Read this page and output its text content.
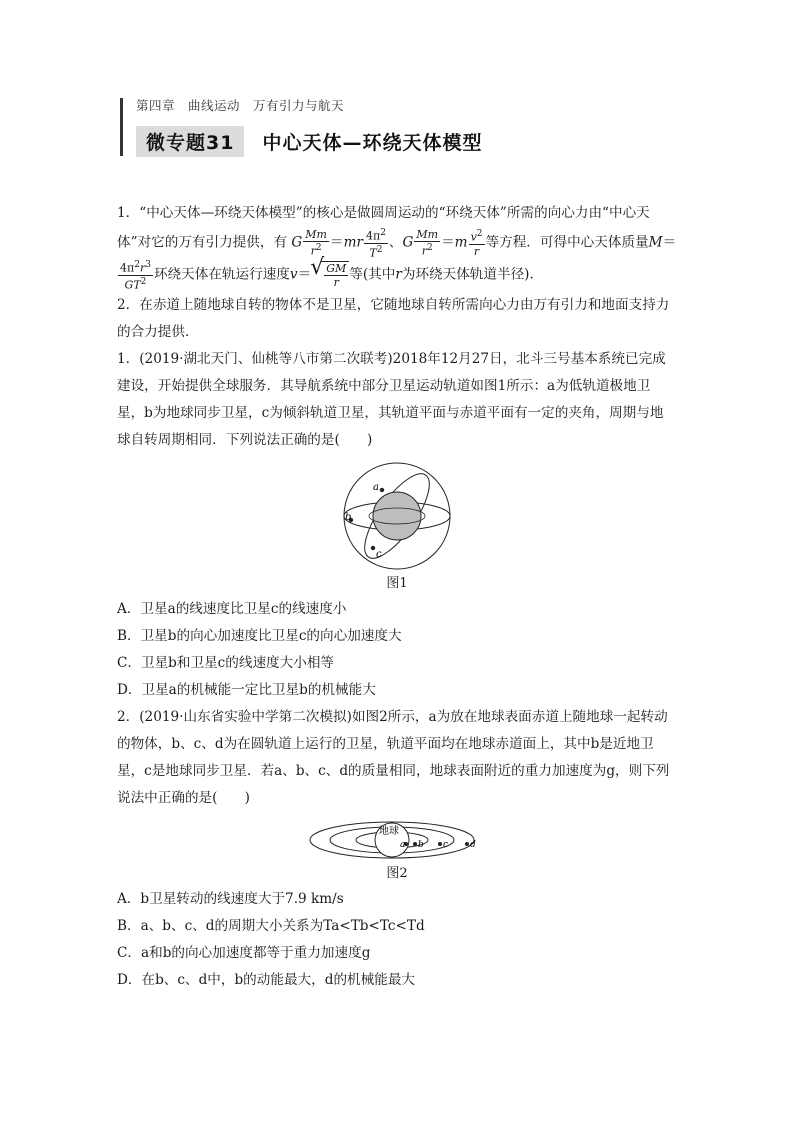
第四章　曲线运动　万有引力与航天
微专题31	中心天体—环绕天体模型

1．“中心天体—环绕天体模型”的核心是做圆周运动的“环绕天体”所需的向心力由“中心天体”对它的万有引力提供，有 G $\frac{Mm}{r^2} =mr \frac{4\pi^2}{T^2}$ 、G $\frac{Mm}{r^2} =m \frac{v^2}{r}$ 等方程．可得中心天体质量M＝
$\frac{4\pi^2r^3}{GT^2}$ 环绕天体在轨运行速度v＝
√ $\frac{GM}{r}$ 等(其中r为环绕天体轨道半径)．

2．在赤道上随地球自转的物体不是卫星，它随地球自转所需向心力由万有引力和地面支持力的合力提供．

1．(2019·湖北天门、仙桃等八市第二次联考)2018年12月27日，北斗三号基本系统已完成建设，开始提供全球服务．其导航系统中部分卫星运动轨道如图1所示：a为低轨道极地卫星，b为地球同步卫星，c为倾斜轨道卫星，其轨道平面与赤道平面有一定的夹角，周期与地球自转周期相同．下列说法正确的是(　　)

a
b
c

图1

A．卫星a的线速度比卫星c的线速度小

B．卫星b的向心加速度比卫星c的向心加速度大

C．卫星b和卫星c的线速度大小相等

D．卫星a的机械能一定比卫星b的机械能大

2．(2019·山东省实验中学第二次模拟)如图2所示，a为放在地球表面赤道上随地球一起转动的物体，b、c、d为在圆轨道上运行的卫星，轨道平面均在地球赤道面上，其中b是近地卫星，c是地球同步卫星．若a、b、c、d的质量相同，地球表面附近的重力加速度为g，则下列说法中正确的是(　　)

地球
a b c d

图2

A．b卫星转动的线速度大于7.9 km/s

B．a、b、c、d的周期大小关系为Ta<Tb<Tc<Td

C．a和b的向心加速度都等于重力加速度g

D．在b、c、d中，b的动能最大，d的机械能最大
